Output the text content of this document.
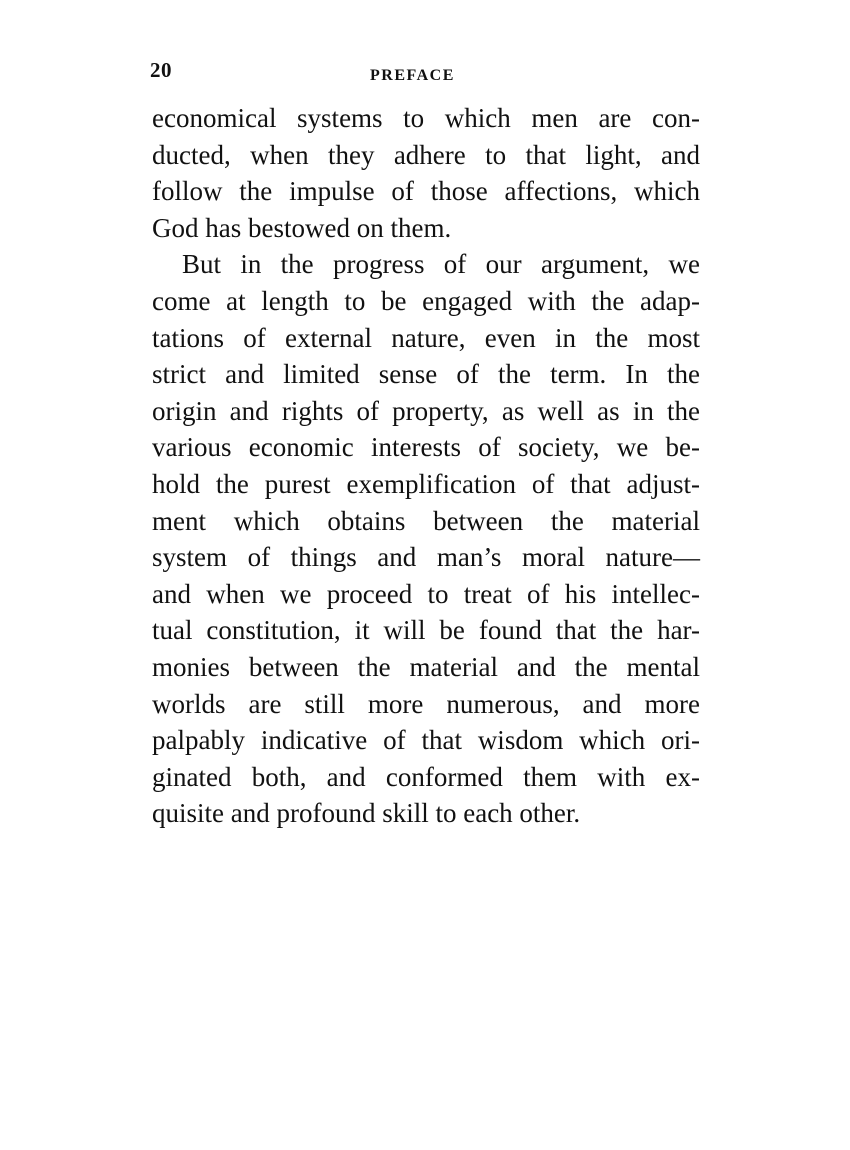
20	PREFACE
economical systems to which men are con-
ducted, when they adhere to that light, and
follow the impulse of those affections, which
God has bestowed on them.
But in the progress of our argument, we
come at length to be engaged with the adap-
tations of external nature, even in the most
strict and limited sense of the term. In the
origin and rights of property, as well as in the
various economic interests of society, we be-
hold the purest exemplification of that adjust-
ment which obtains between the material
system of things and man’s moral nature—
and when we proceed to treat of his intellec-
tual constitution, it will be found that the har-
monies between the material and the mental
worlds are still more numerous, and more
palpably indicative of that wisdom which ori-
ginated both, and conformed them with ex-
quisite and profound skill to each other.
